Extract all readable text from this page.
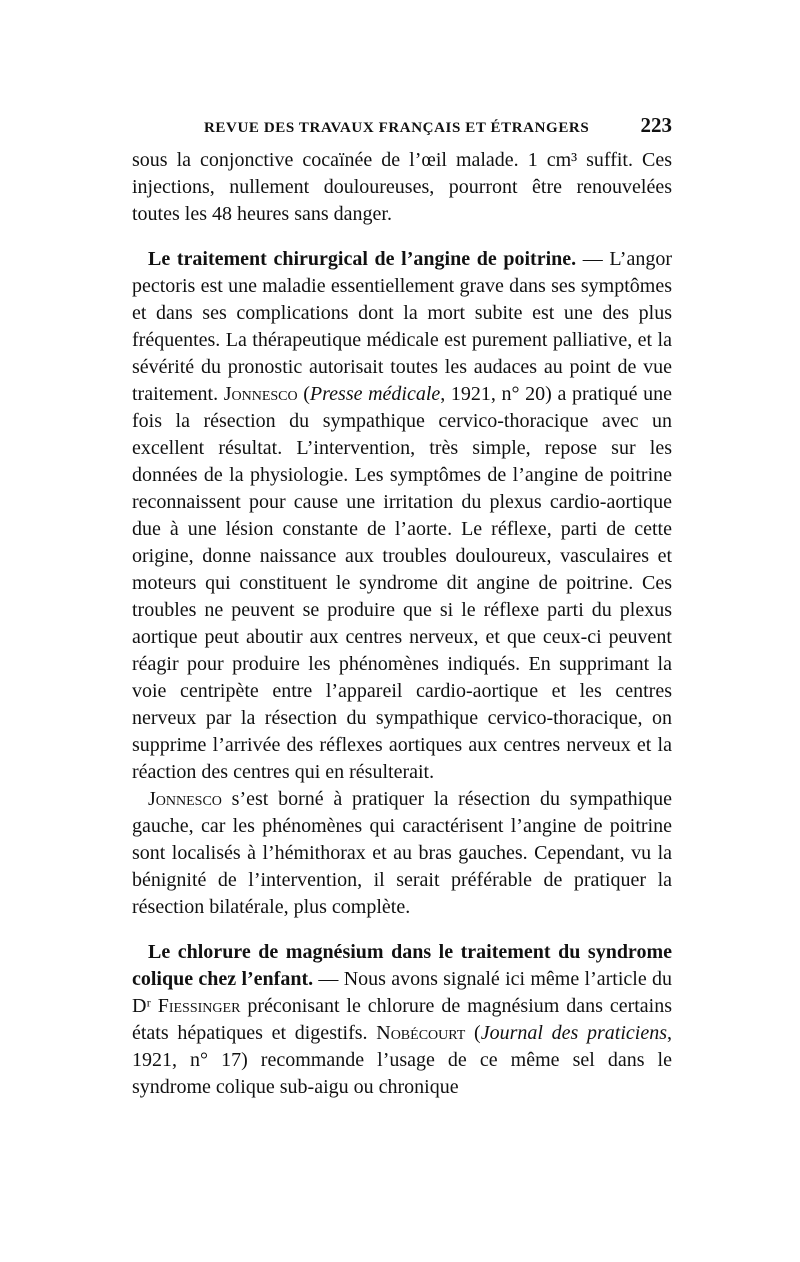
REVUE DES TRAVAUX FRANÇAIS ET ÉTRANGERS 223

sous la conjonctive cocaïnée de l’œil malade. 1 cm³ suffit. Ces injections, nullement douloureuses, pourront être renouvelées toutes les 48 heures sans danger.

Le traitement chirurgical de l’angine de poitrine. — L’angor pectoris est une maladie essentiellement grave dans ses symptômes et dans ses complications dont la mort subite est une des plus fréquentes. La thérapeutique médicale est purement palliative, et la sévérité du pronostic autorisait toutes les audaces au point de vue traitement. Jonnesco (Presse médicale, 1921, n° 20) a pratiqué une fois la résection du sympathique cervico-thoracique avec un excellent résultat. L’intervention, très simple, repose sur les données de la physiologie. Les symptômes de l’angine de poitrine reconnaissent pour cause une irritation du plexus cardio-aortique due à une lésion constante de l’aorte. Le réflexe, parti de cette origine, donne naissance aux troubles douloureux, vasculaires et moteurs qui constituent le syndrome dit angine de poitrine. Ces troubles ne peuvent se produire que si le réflexe parti du plexus aortique peut aboutir aux centres nerveux, et que ceux-ci peuvent réagir pour produire les phénomènes indiqués. En supprimant la voie centripète entre l’appareil cardio-aortique et les centres nerveux par la résection du sympathique cervico-thoracique, on supprime l’arrivée des réflexes aortiques aux centres nerveux et la réaction des centres qui en résulterait.

Jonnesco s’est borné à pratiquer la résection du sympathique gauche, car les phénomènes qui caractérisent l’angine de poitrine sont localisés à l’hémithorax et au bras gauches. Cependant, vu la bénignité de l’intervention, il serait préférable de pratiquer la résection bilatérale, plus complète.

Le chlorure de magnésium dans le traitement du syndrome colique chez l’enfant. — Nous avons signalé ici même l’article du Dʳ Fiessinger préconisant le chlorure de magnésium dans certains états hépatiques et digestifs. Nobécourt (Journal des praticiens, 1921, n° 17) recommande l’usage de ce même sel dans le syndrome colique sub-aigu ou chronique
